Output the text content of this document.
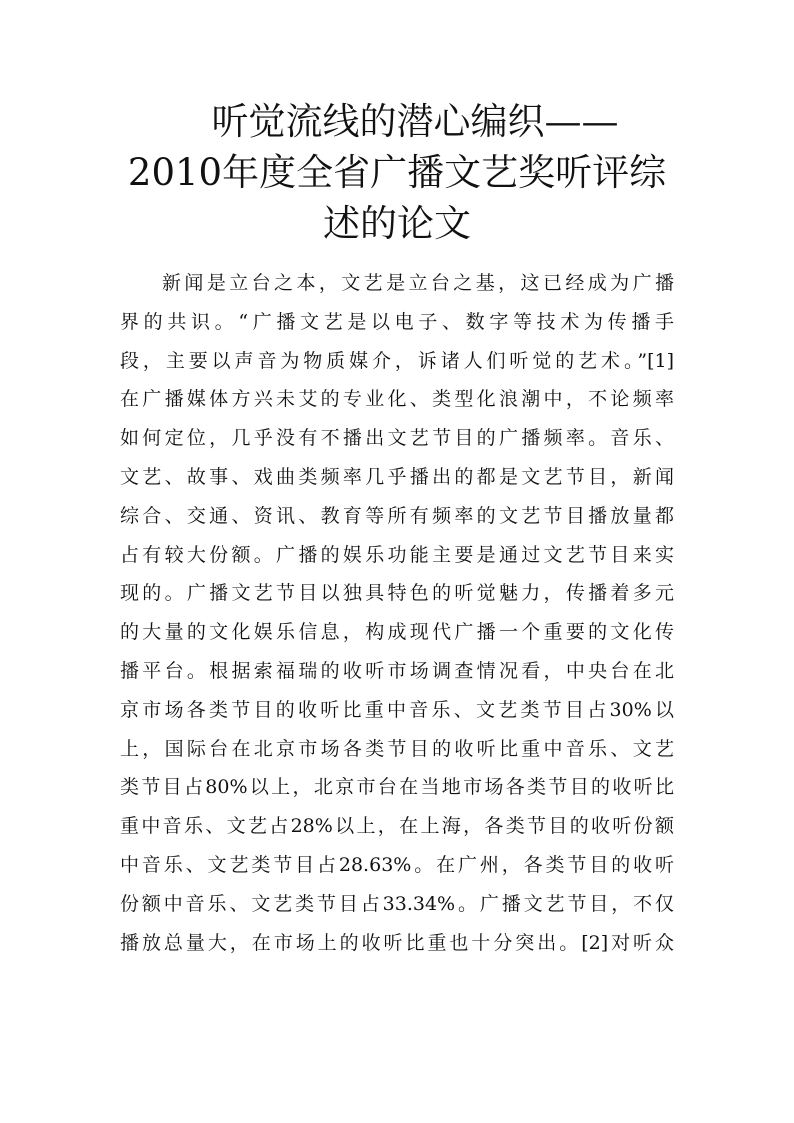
听觉流线的潜心编织——
2010年度全省广播文艺奖听评综
述的论文
新闻是立台之本，文艺是立台之基，这已经成为广播
界的共识。“广播文艺是以电子、数字等技术为传播手
段，主要以声音为物质媒介，诉诸人们听觉的艺术。”[1]
在广播媒体方兴未艾的专业化、类型化浪潮中，不论频率
如何定位，几乎没有不播出文艺节目的广播频率。音乐、
文艺、故事、戏曲类频率几乎播出的都是文艺节目，新闻
综合、交通、资讯、教育等所有频率的文艺节目播放量都
占有较大份额。广播的娱乐功能主要是通过文艺节目来实
现的。广播文艺节目以独具特色的听觉魅力，传播着多元
的大量的文化娱乐信息，构成现代广播一个重要的文化传
播平台。根据索福瑞的收听市场调查情况看，中央台在北
京市场各类节目的收听比重中音乐、文艺类节目占30%以
上，国际台在北京市场各类节目的收听比重中音乐、文艺
类节目占80%以上，北京市台在当地市场各类节目的收听比
重中音乐、文艺占28%以上，在上海，各类节目的收听份额
中音乐、文艺类节目占28.63%。在广州，各类节目的收听
份额中音乐、文艺类节目占33.34%。广播文艺节目，不仅
播放总量大，在市场上的收听比重也十分突出。[2]对听众
